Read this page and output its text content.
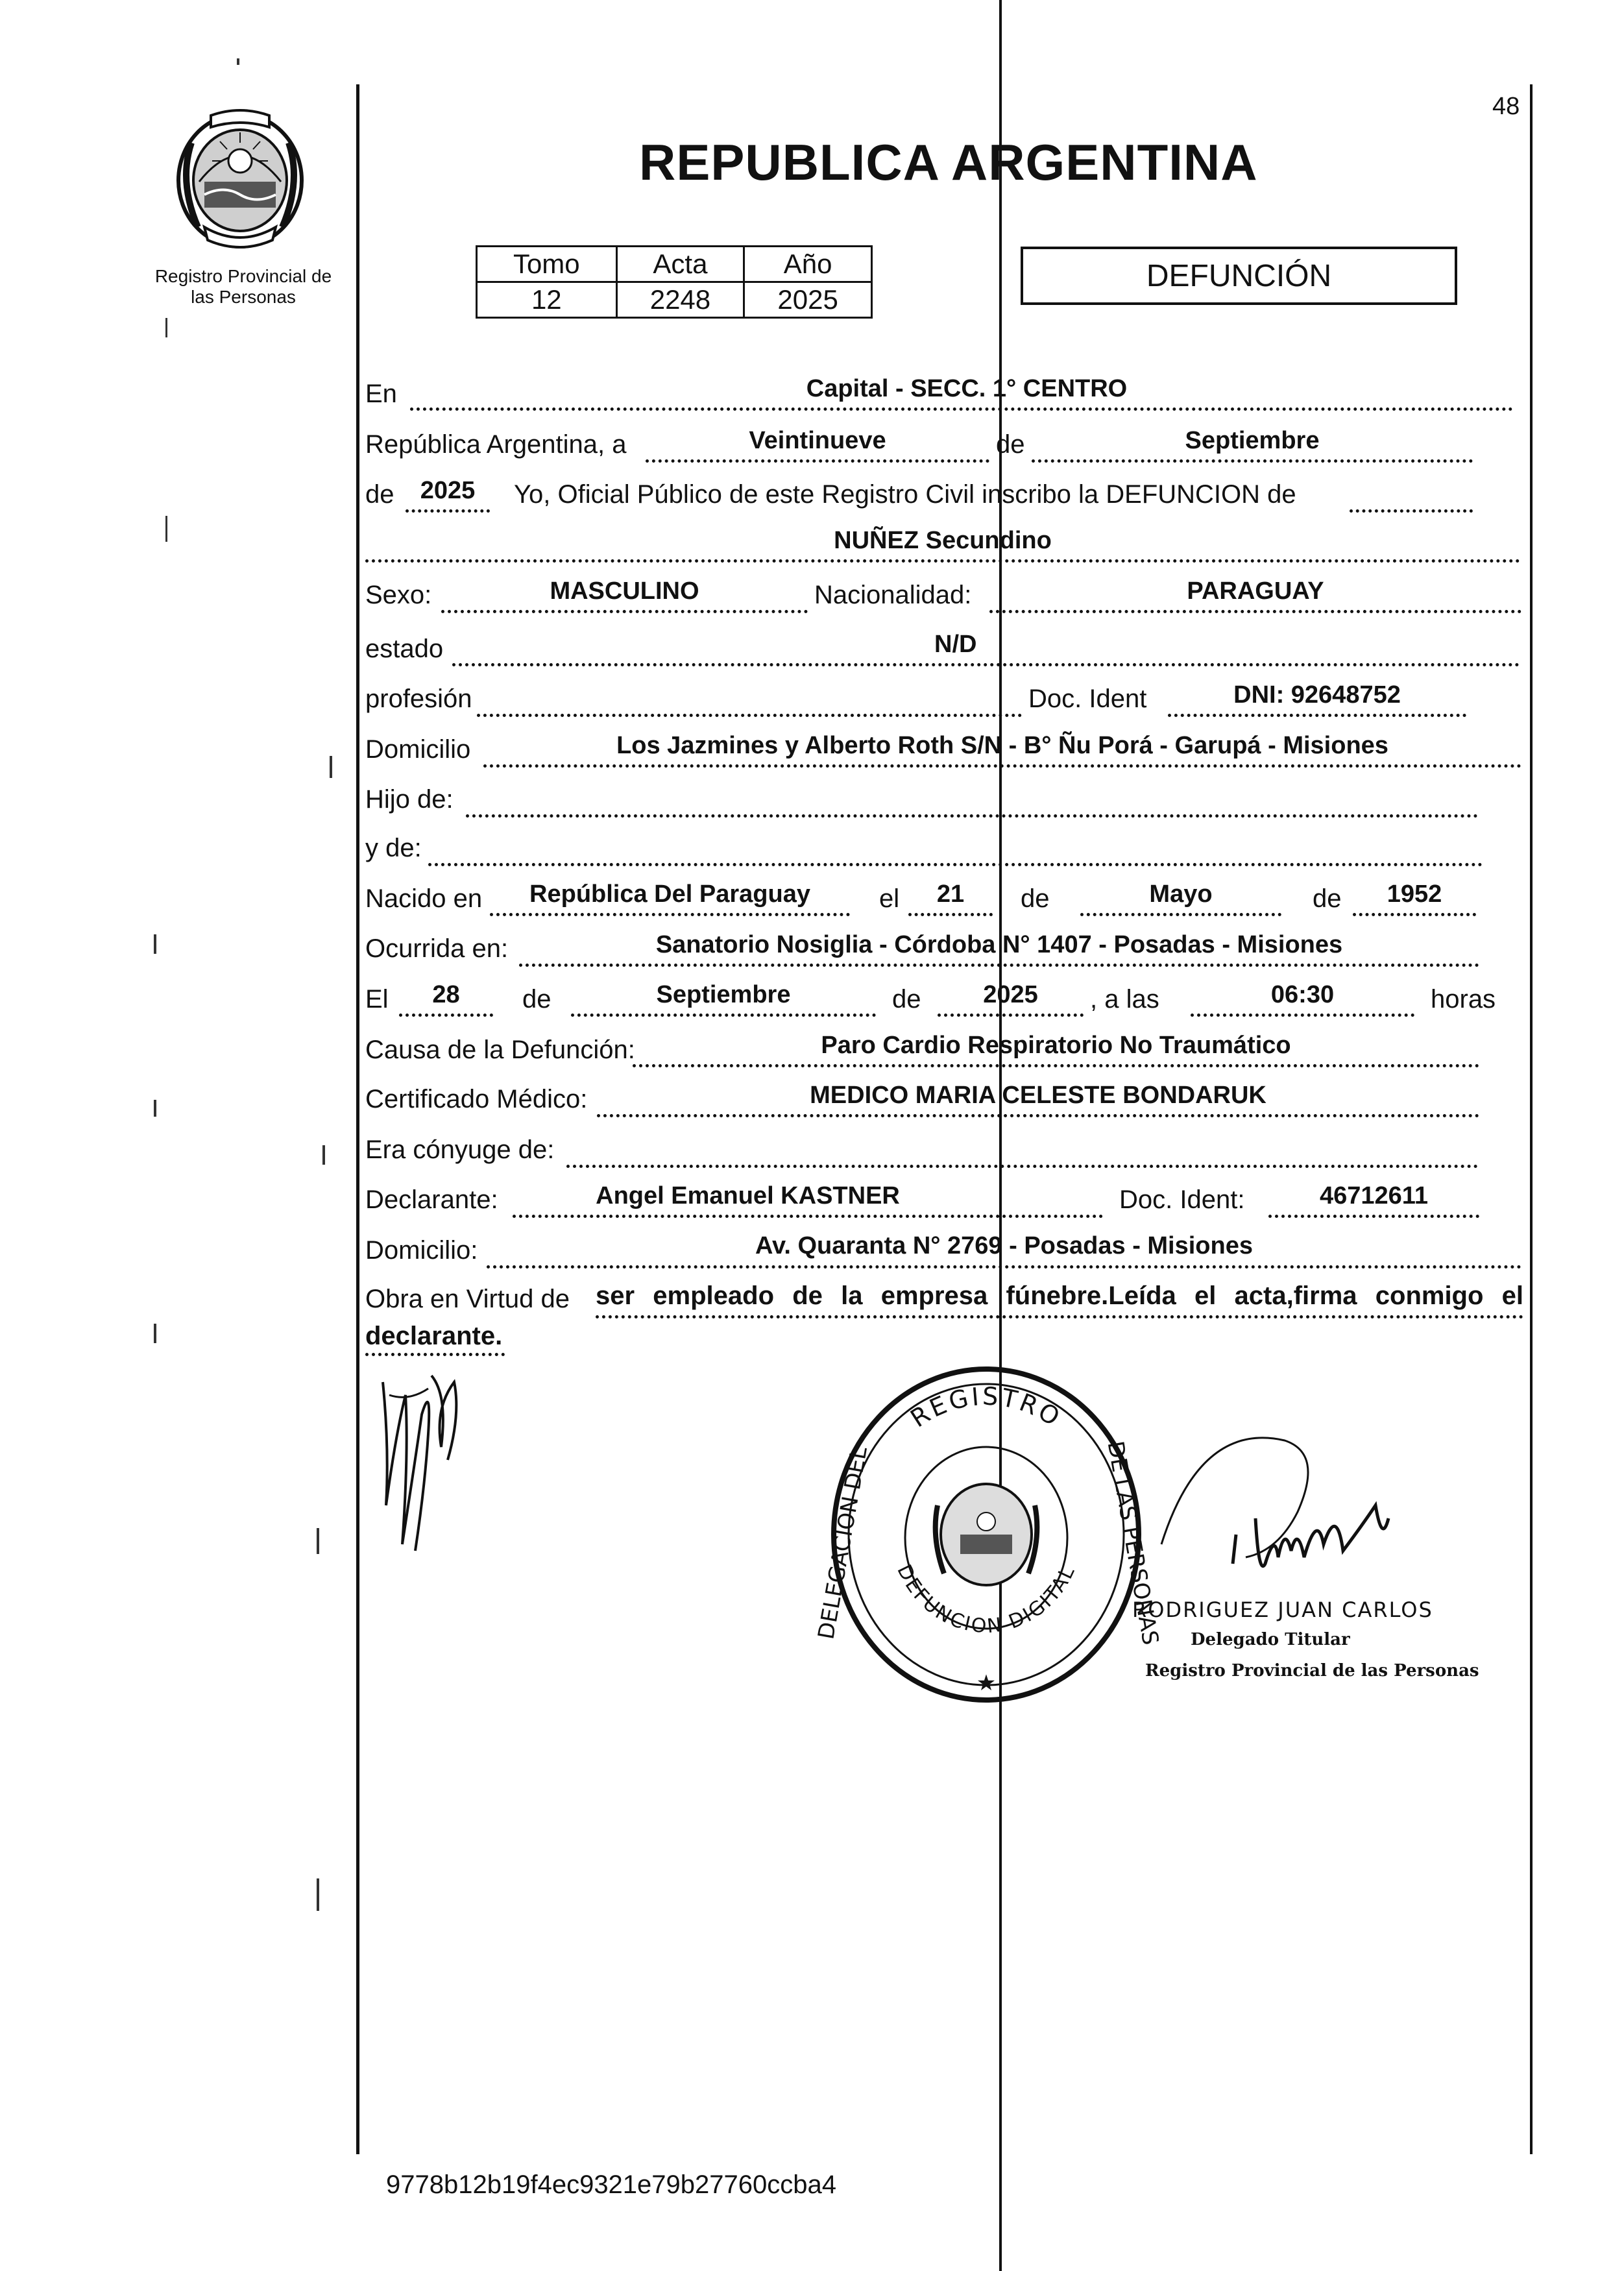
48
Registro Provincial de
las Personas
REPUBLICA ARGENTINA
Tomo	Acta	Año
12	2248	2025
DEFUNCIÓN
En	Capital - SECC. 1° CENTRO
República Argentina, a	Veintinueve	de	Septiembre
de	2025	Yo, Oficial Público de este Registro Civil inscribo la DEFUNCION de
NUÑEZ Secundino
Sexo:	MASCULINO	Nacionalidad:	PARAGUAY
estado	N/D
profesión	Doc. Ident	DNI: 92648752
Domicilio	Los Jazmines y Alberto Roth S/N - B° Ñu Porá - Garupá - Misiones
Hijo de:
y de:
Nacido en	República Del Paraguay	el	21	de	Mayo	de	1952
Ocurrida en:	Sanatorio Nosiglia - Córdoba N° 1407 - Posadas - Misiones
El	28	de	Septiembre	de	2025	, a las	06:30	horas
Causa de la Defunción:	Paro Cardio Respiratorio No Traumático
Certificado Médico:	MEDICO MARIA CELESTE BONDARUK
Era cónyuge de:
Declarante:	Angel Emanuel KASTNER	Doc. Ident:	46712611
Domicilio:	Av. Quaranta N° 2769 - Posadas - Misiones
Obra en Virtud de ser empleado de la empresa fúnebre.Leída el acta,firma conmigo el
declarante.
REGISTRO
DEFUNCION DIGITAL
DELEGACIÓN DEL	DE LAS PERSONAS
★
RODRIGUEZ JUAN CARLOS
Delegado Titular
Registro Provincial de las Personas
9778b12b19f4ec9321e79b27760ccba4
